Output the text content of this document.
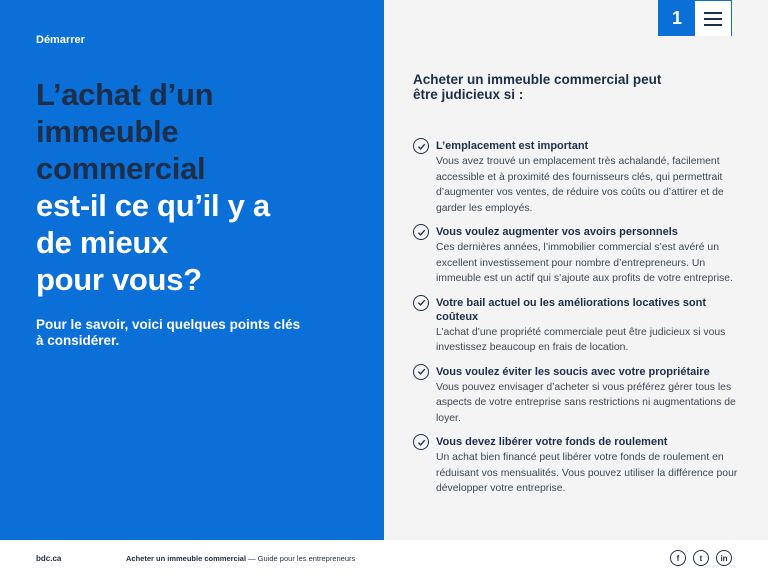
Démarrer
L’achat d’un
immeuble
commercial
est-il ce qu’il y a
de mieux
pour vous?
Pour le savoir, voici quelques points clés à considérer.
Acheter un immeuble commercial peut être judicieux si :
L’emplacement est important
Vous avez trouvé un emplacement très achalandé, facilement accessible et à proximité des fournisseurs clés, qui permettrait d’augmenter vos ventes, de réduire vos coûts ou d’attirer et de garder les employés.
Vous voulez augmenter vos avoirs personnels
Ces dernières années, l’immobilier commercial s’est avéré un excellent investissement pour nombre d’entrepreneurs. Un immeuble est un actif qui s’ajoute aux profits de votre entreprise.
Votre bail actuel ou les améliorations locatives sont coûteux
L’achat d’une propriété commerciale peut être judicieux si vous investissez beaucoup en frais de location.
Vous voulez éviter les soucis avec votre propriétaire
Vous pouvez envisager d’acheter si vous préférez gérer tous les aspects de votre entreprise sans restrictions ni augmentations de loyer.
Vous devez libérer votre fonds de roulement
Un achat bien financé peut libérer votre fonds de roulement en réduisant vos mensualités. Vous pouvez utiliser la différence pour développer votre entreprise.
1
bdc.ca	Acheter un immeuble commercial — Guide pour les entrepreneurs	f	t	in
